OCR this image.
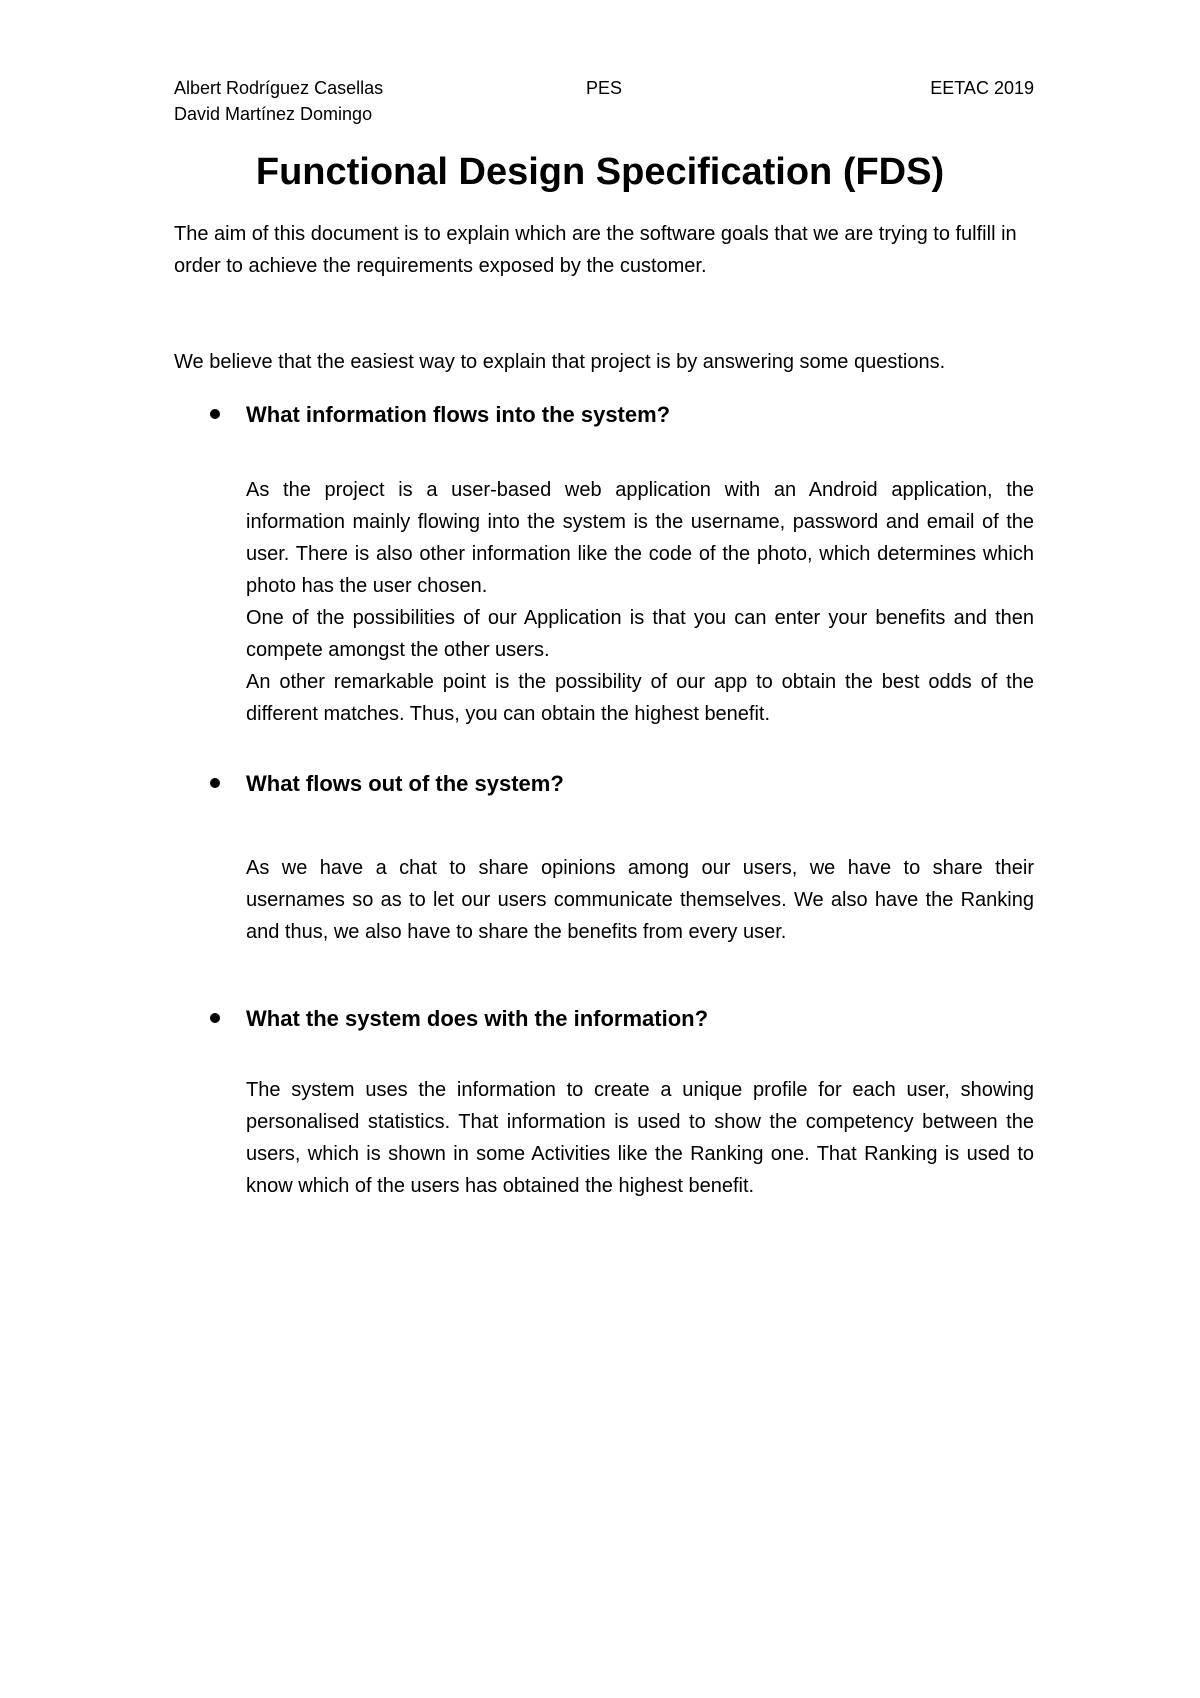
Albert Rodríguez Casellas
David Martínez Domingo
PES	EETAC 2019
Functional Design Specification (FDS)

The aim of this document is to explain which are the software goals that we are trying to fulfill in order to achieve the requirements exposed by the customer.

We believe that the easiest way to explain that project is by answering some questions.

What information flows into the system?

As the project is a user-based web application with an Android application, the information mainly flowing into the system is the username, password and email of the user. There is also other information like the code of the photo, which determines which photo has the user chosen.

One of the possibilities of our Application is that you can enter your benefits and then compete amongst the other users.

An other remarkable point is the possibility of our app to obtain the best odds of the different matches. Thus, you can obtain the highest benefit.

What flows out of the system?

As we have a chat to share opinions among our users, we have to share their usernames so as to let our users communicate themselves. We also have the Ranking and thus, we also have to share the benefits from every user.

What the system does with the information?

The system uses the information to create a unique profile for each user, showing personalised statistics. That information is used to show the competency between the users, which is shown in some Activities like the Ranking one. That Ranking is used to know which of the users has obtained the highest benefit.
